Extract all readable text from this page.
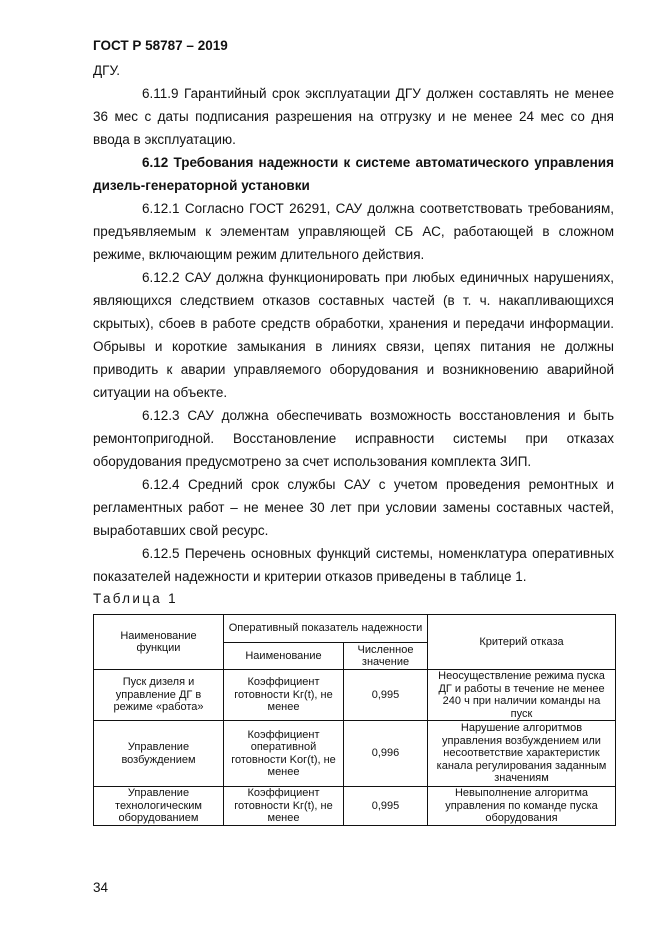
ГОСТ Р 58787 – 2019

ДГУ.

6.11.9 Гарантийный срок эксплуатации ДГУ должен составлять не менее 36 мес с даты подписания разрешения на отгрузку и не менее 24 мес со дня ввода в эксплуатацию.

6.12 Требования надежности к системе автоматического управления дизель-генераторной установки

6.12.1 Согласно ГОСТ 26291, САУ должна соответствовать требованиям, предъявляемым к элементам управляющей СБ АС, работающей в сложном режиме, включающим режим длительного действия.

6.12.2 САУ должна функционировать при любых единичных нарушениях, являющихся следствием отказов составных частей (в т. ч. накапливающихся скрытых), сбоев в работе средств обработки, хранения и передачи информации. Обрывы и короткие замыкания в линиях связи, цепях питания не должны приводить к аварии управляемого оборудования и возникновению аварийной ситуации на объекте.

6.12.3 САУ должна обеспечивать возможность восстановления и быть ремонтопригодной. Восстановление исправности системы при отказах оборудования предусмотрено за счет использования комплекта ЗИП.

6.12.4 Средний срок службы САУ с учетом проведения ремонтных и регламентных работ – не менее 30 лет при условии замены составных частей, выработавших свой ресурс.

6.12.5 Перечень основных функций системы, номенклатура оперативных показателей надежности и критерии отказов приведены в таблице 1.

Таблица 1
Наименование функции	Оперативный показатель надежности		Критерий отказа
	Наименование	Численное значение	
Пуск дизеля и управление ДГ в режиме «работа»	Коэффициент готовности Kг(t), не менее	0,995	Неосуществление режима пуска ДГ и работы в течение не менее 240 ч при наличии команды на пуск
Управление возбуждением	Коэффициент оперативной готовности Kог(t), не менее	0,996	Нарушение алгоритмов управления возбуждением или несоответствие характеристик канала регулирования заданным значениям
Управление технологическим оборудованием	Коэффициент готовности Kг(t), не менее	0,995	Невыполнение алгоритма управления по команде пуска оборудования
34
